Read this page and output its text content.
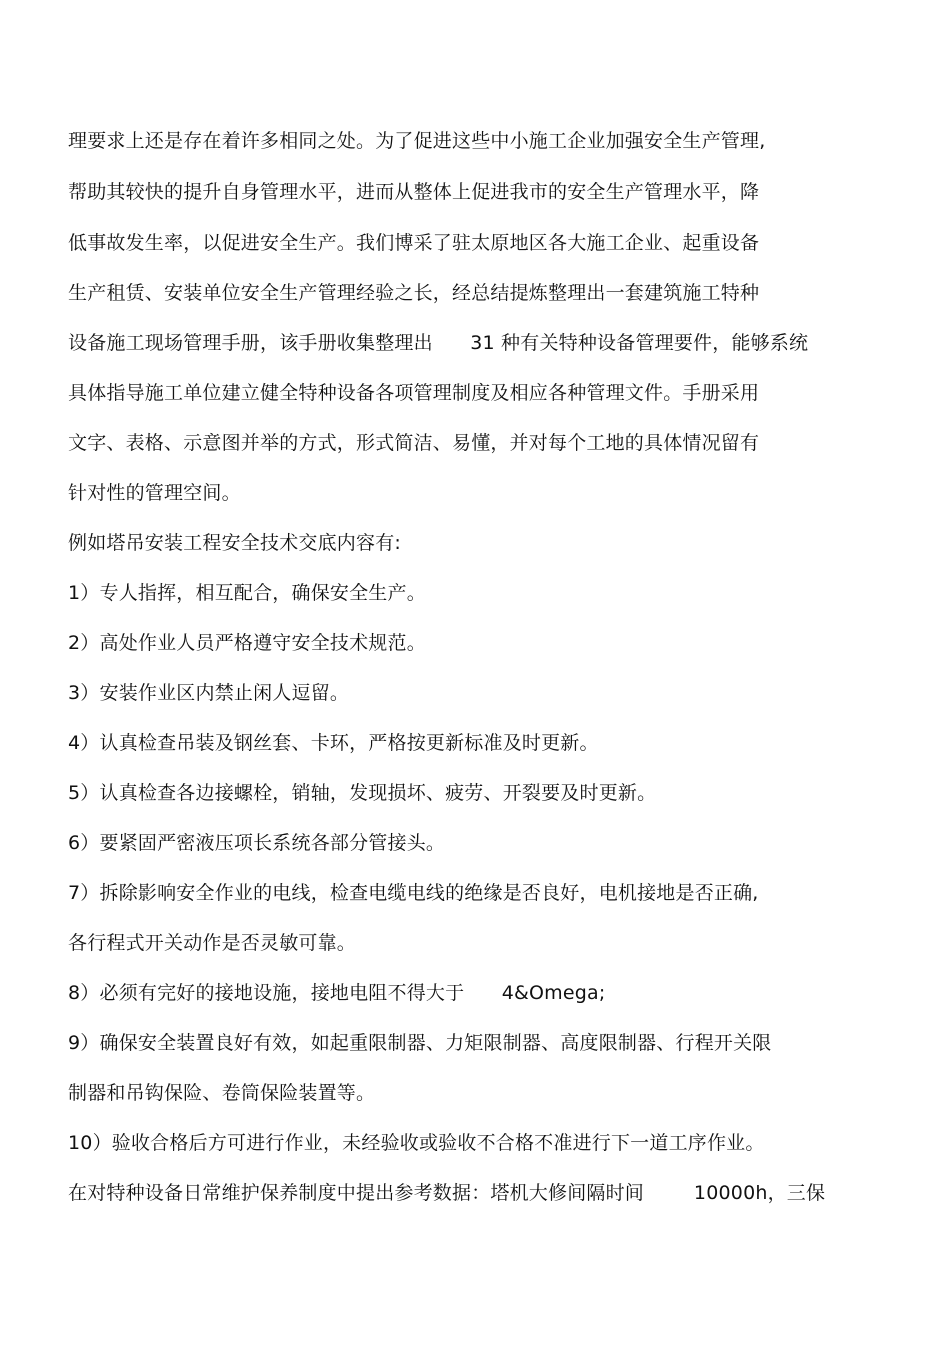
理要求上还是存在着许多相同之处。为了促进这些中小施工企业加强安全生产管理,
帮助其较快的提升自身管理水平，进而从整体上促进我市的安全生产管理水平，降
低事故发生率，以促进安全生产。我们博采了驻太原地区各大施工企业、起重设备
生产租赁、安装单位安全生产管理经验之长，经总结提炼整理出一套建筑施工特种
设备施工现场管理手册，该手册收集整理出      31 种有关特种设备管理要件，能够系统
具体指导施工单位建立健全特种设备各项管理制度及相应各种管理文件。手册采用
文字、表格、示意图并举的方式，形式简洁、易懂，并对每个工地的具体情况留有
针对性的管理空间。
例如塔吊安装工程安全技术交底内容有:
1）专人指挥，相互配合，确保安全生产。
2）高处作业人员严格遵守安全技术规范。
3）安装作业区内禁止闲人逗留。
4）认真检查吊装及钢丝套、卡环，严格按更新标准及时更新。
5）认真检查各边接螺栓，销轴，发现损坏、疲劳、开裂要及时更新。
6）要紧固严密液压项长系统各部分管接头。
7）拆除影响安全作业的电线，检查电缆电线的绝缘是否良好，电机接地是否正确,
各行程式开关动作是否灵敏可靠。
8）必须有完好的接地设施，接地电阻不得大于      4&Omega;
9）确保安全装置良好有效，如起重限制器、力矩限制器、高度限制器、行程开关限
制器和吊钩保险、卷筒保险装置等。
10）验收合格后方可进行作业，未经验收或验收不合格不准进行下一道工序作业。
在对特种设备日常维护保养制度中提出参考数据：塔机大修间隔时间        10000h，三保
